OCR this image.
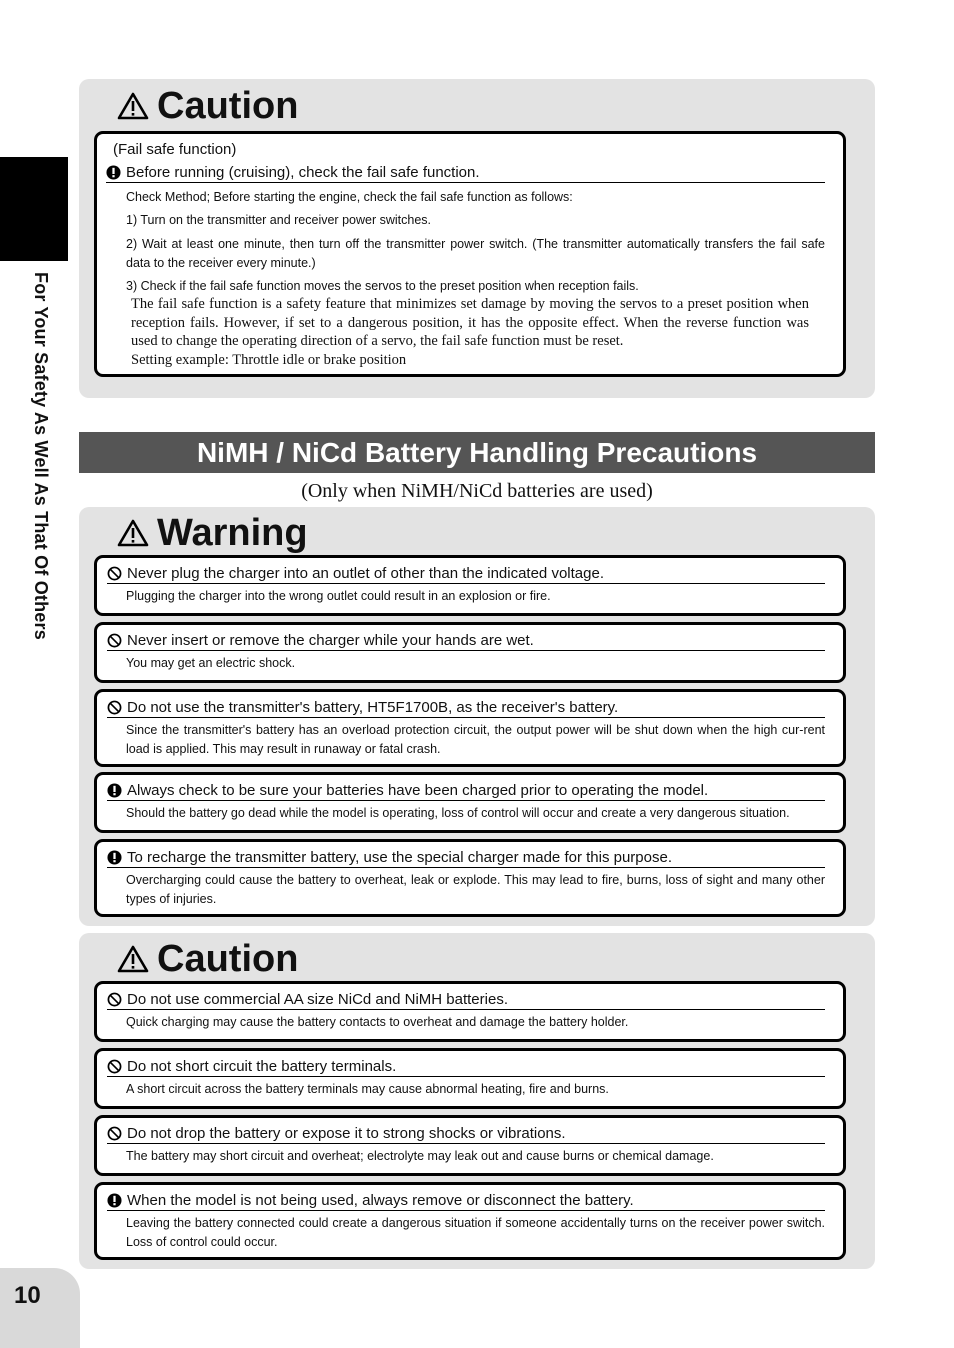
For Your Safety As Well As That Of Others
10
Caution
(Fail safe function)
Before running (cruising), check the fail safe function.
Check Method; Before starting the engine, check the fail safe function as follows:
1) Turn on the transmitter and receiver power switches.
2) Wait at least one minute, then turn off the transmitter power switch. (The transmitter automatically transfers the fail safe data to the receiver every minute.)
3) Check if the fail safe function moves the servos to the preset position when reception fails.
The fail safe function is a safety feature that minimizes set damage by moving the servos to a preset position when reception fails. However, if set to a dangerous position, it has the opposite effect. When the reverse function was used to change the operating direction of a servo, the fail safe function must be reset.
Setting example: Throttle idle or brake position
NiMH / NiCd Battery Handling Precautions
(Only when NiMH/NiCd batteries are used)
Warning
Never plug the charger into an outlet of other than the indicated voltage.
Plugging the charger into the wrong outlet could result in an explosion or fire.
Never insert or remove the charger while your hands are wet.
You may get an electric shock.
Do not use the transmitter's battery, HT5F1700B, as the receiver's battery.
Since the transmitter's battery has an overload protection circuit, the output power will be shut down when the high cur-rent load is applied. This may result in runaway or fatal crash.
Always check to be sure your batteries have been charged prior to operating the model.
Should the battery go dead while the model is operating, loss of control will occur and create a very dangerous situation.
To recharge the transmitter battery, use the special charger made for this purpose.
Overcharging could cause the battery to overheat, leak or explode. This may lead to fire, burns, loss of sight and many other types of injuries.
Caution
Do not use commercial AA size NiCd and NiMH batteries.
Quick charging may cause the battery contacts to overheat and damage the battery holder.
Do not short circuit the battery terminals.
A short circuit across the battery terminals may cause abnormal heating, fire and burns.
Do not drop the battery or expose it to strong shocks or vibrations.
The battery may short circuit and overheat; electrolyte may leak out and cause burns or chemical damage.
When the model is not being used, always remove or disconnect the battery.
Leaving the battery connected could create a dangerous situation if someone accidentally turns on the receiver power switch. Loss of control could occur.
